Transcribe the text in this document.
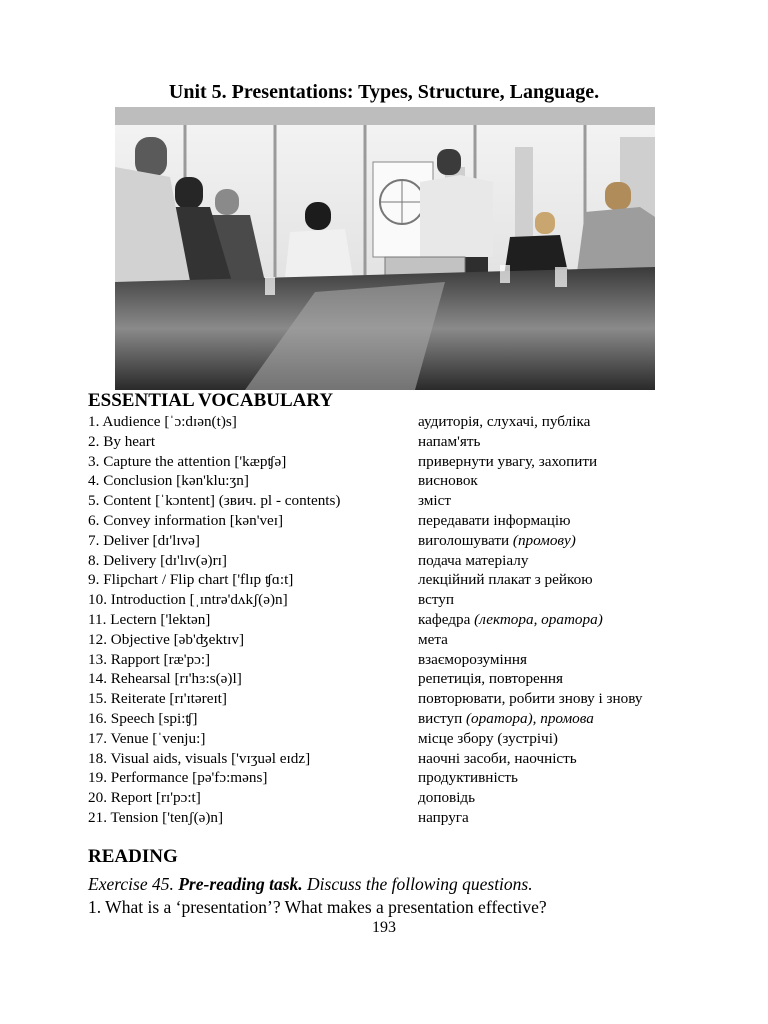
Unit 5. Presentations: Types, Structure, Language.
ESSENTIAL VOCABULARY
1. Audience [ˈɔ:dɪən(t)s]	аудиторія, слухачі, публіка
2. By heart	напам'ять
3. Capture the attention ['kæpʧə]	привернути увагу, захопити
4. Conclusion [kən'klu:ʒn]	висновок
5. Content [ˈkɔntent] (звич. pl - contents)	зміст
6. Convey information [kən'veɪ]	передавати інформацію
7. Deliver [dɪ'lɪvə]	виголошувати (промову)
8. Delivery [dɪ'lɪv(ə)rɪ]	подача матеріалу
9. Flipchart / Flip chart ['flɪp ʧɑ:t]	лекційний плакат з рейкою
10. Introduction [ˌɪntrə'dʌkʃ(ə)n]	вступ
11. Lectern ['lektən]	кафедра (лектора, оратора)
12. Objective [əb'ʤektɪv]	мета
13. Rapport [ræ'pɔ:]	взаєморозуміння
14. Rehearsal [rɪ'hɜ:s(ə)l]	репетиція, повторення
15. Reiterate [rɪ'ɪtəreɪt]	повторювати, робити знову і знову
16. Speech [spi:ʧ]	виступ (оратора), промова
17. Venue [ˈvenju:]	місце збору (зустрічі)
18. Visual aids, visuals ['vɪʒuəl eɪdz]	наочні засоби, наочність
19. Performance [pə'fɔ:məns]	продуктивність
20. Report [rɪ'pɔ:t]	доповідь
21. Tension ['tenʃ(ə)n]	напруга
READING
Exercise 45. Pre-reading task. Discuss the following questions.
1. What is a ‘presentation’? What makes a presentation effective?
193
